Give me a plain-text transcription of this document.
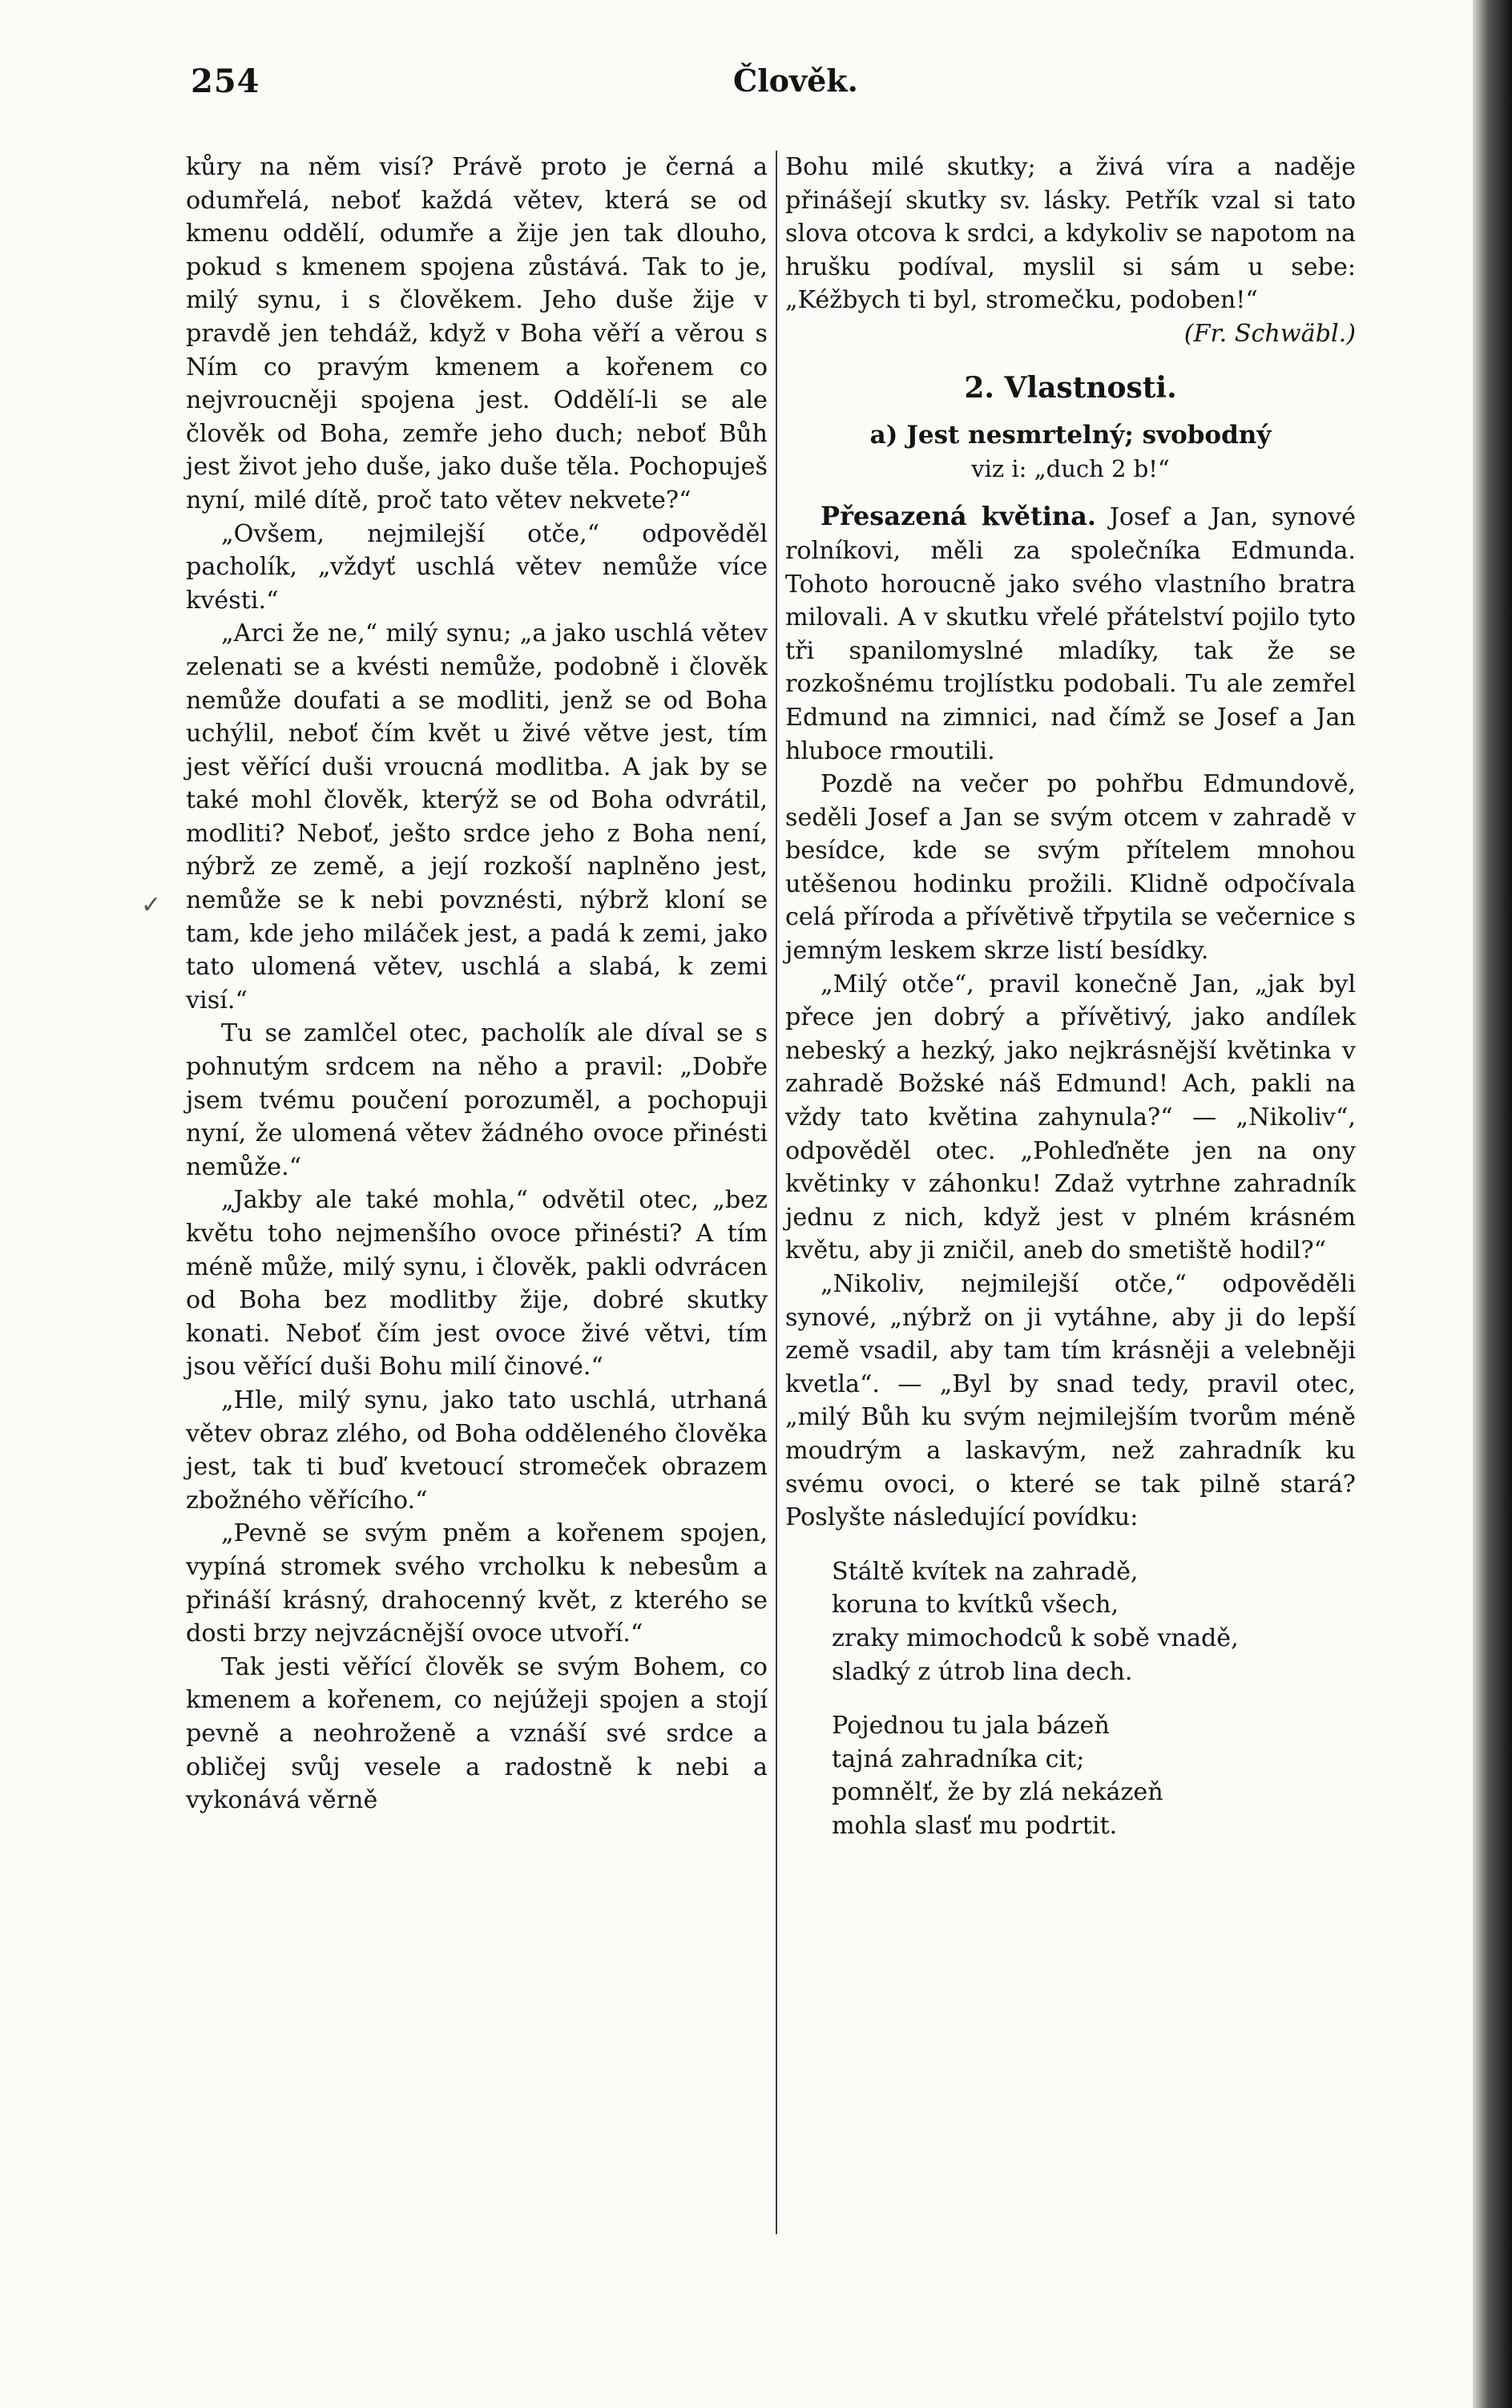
254	Člověk.

kůry na něm visí? Právě proto je černá a odumřelá, neboť každá větev, která se od kmenu oddělí, odumře a žije jen tak dlouho, pokud s kmenem spojena zůstává. Tak to je, milý synu, i s člověkem. Jeho duše žije v pravdě jen tehdáž, když v Boha věří a věrou s Ním co pravým kmenem a kořenem co nejvroucněji spojena jest. Oddělí-li se ale člověk od Boha, zemře jeho duch; neboť Bůh jest život jeho duše, jako duše těla. Pochopuješ nyní, milé dítě, proč tato větev nekvete?“

„Ovšem, nejmilejší otče,“ odpověděl pacholík, „vždyť uschlá větev nemůže více kvésti.“

„Arci že ne,“ milý synu; „a jako uschlá větev zelenati se a kvésti nemůže, podobně i člověk nemůže doufati a se modliti, jenž se od Boha uchýlil, neboť čím květ u živé větve jest, tím jest věřící duši vroucná modlitba. A jak by se také mohl člověk, kterýž se od Boha odvrátil, modliti? Neboť, ješto srdce jeho z Boha není, nýbrž ze země, a její rozkoší naplněno jest, nemůže se k nebi povznésti, nýbrž kloní se tam, kde jeho miláček jest, a padá k zemi, jako tato ulomená větev, uschlá a slabá, k zemi visí.“

Tu se zamlčel otec, pacholík ale díval se s pohnutým srdcem na něho a pravil: „Dobře jsem tvému poučení porozuměl, a pochopuji nyní, že ulomená větev žádného ovoce přinésti nemůže.“

„Jakby ale také mohla,“ odvětil otec, „bez květu toho nejmenšího ovoce přinésti? A tím méně může, milý synu, i člověk, pakli odvrácen od Boha bez modlitby žije, dobré skutky konati. Neboť čím jest ovoce živé větvi, tím jsou věřící duši Bohu milí činové.“

„Hle, milý synu, jako tato uschlá, utrhaná větev obraz zlého, od Boha odděleného člověka jest, tak ti buď kvetoucí stromeček obrazem zbožného věřícího.“

„Pevně se svým pněm a kořenem spojen, vypíná stromek svého vrcholku k nebesům a přináší krásný, drahocenný květ, z kterého se dosti brzy nejvzácnější ovoce utvoří.“

Tak jesti věřící člověk se svým Bohem, co kmenem a kořenem, co nejúžeji spojen a stojí pevně a neohroženě a vznáší své srdce a obličej svůj vesele a radostně k nebi a vykonává věrně

Bohu milé skutky; a živá víra a naděje přinášejí skutky sv. lásky. Petřík vzal si tato slova otcova k srdci, a kdykoliv se napotom na hrušku podíval, myslil si sám u sebe: „Kéžbych ti byl, stromečku, podoben!“
(Fr. Schwäbl.)

2. Vlastnosti.
a) Jest nesmrtelný; svobodný
viz i: „duch 2 b!“

Přesazená květina. Josef a Jan, synové rolníkovi, měli za společníka Edmunda. Tohoto horoucně jako svého vlastního bratra milovali. A v skutku vřelé přátelství pojilo tyto tři spanilomyslné mladíky, tak že se rozkošnému trojlístku podobali. Tu ale zemřel Edmund na zimnici, nad čímž se Josef a Jan hluboce rmoutili.

Pozdě na večer po pohřbu Edmundově, seděli Josef a Jan se svým otcem v zahradě v besídce, kde se svým přítelem mnohou utěšenou hodinku prožili. Klidně odpočívala celá příroda a přívětivě třpytila se večernice s jemným leskem skrze listí besídky.

„Milý otče“, pravil konečně Jan, „jak byl přece jen dobrý a přívětivý, jako andílek nebeský a hezký, jako nejkrásnější květinka v zahradě Božské náš Edmund! Ach, pakli na vždy tato květina zahynula?“ — „Nikoliv“, odpověděl otec. „Pohleďněte jen na ony květinky v záhonku! Zdaž vytrhne zahradník jednu z nich, když jest v plném krásném květu, aby ji zničil, aneb do smetiště hodil?“

„Nikoliv, nejmilejší otče,“ odpověděli synové, „nýbrž on ji vytáhne, aby ji do lepší země vsadil, aby tam tím krásněji a velebněji kvetla“. — „Byl by snad tedy, pravil otec, „milý Bůh ku svým nejmilejším tvorům méně moudrým a laskavým, než zahradník ku svému ovoci, o které se tak pilně stará? Poslyšte následující povídku:

Stáltě kvítek na zahradě,
koruna to kvítků všech,
zraky mimochodců k sobě vnadě,
sladký z útrob lina dech.
Pojednou tu jala bázeň
tajná zahradníka cit;
pomnělť, že by zlá nekázeň
mohla slasť mu podrtit.
✓
